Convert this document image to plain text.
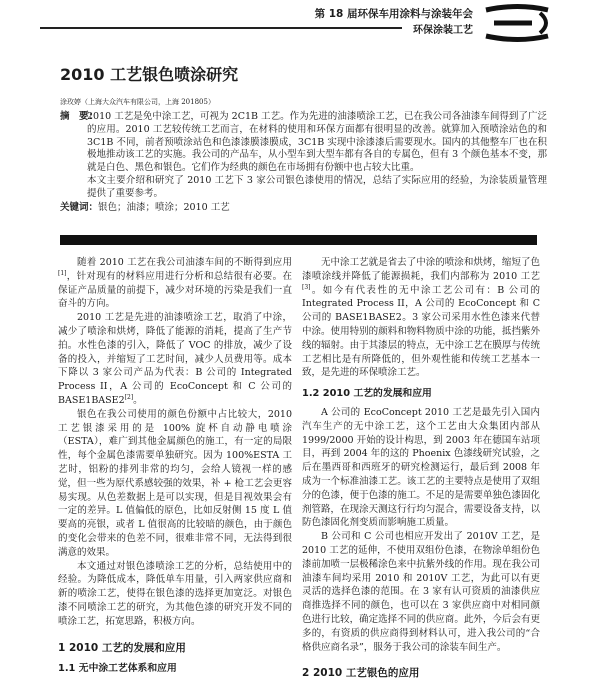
第 18 届环保车用涂料与涂装年会
环保涂装工艺
2010 工艺银色喷涂研究
涂玫婷（上海大众汽车有限公司，上海 201805）
摘　要：

2010 工艺是免中涂工艺，可视为 2C1B 工艺。作为先进的油漆喷涂工艺，已在我公司各油漆车间得到了广泛的应用。2010 工艺较传统工艺而言，在材料的使用和环保方面都有很明显的改善。就算加入预喷涂站色的和 3C1B 不同，前者预喷涂站色和色漆漆膜漆膜成，3C1B 实现中涂漆漆后需要现水。国内的其他整车厂也在积极地推动该工艺的实施。我公司的产品车，从小型车到大型车都有各自的专属色，但有 3 个颜色基本不变，那就是白色、黑色和银色。它们作为经典的颜色在市场拥有份额中也占较大比重。

本文主要介绍和研究了 2010 工艺下 3 家公司银色漆使用的情况，总结了实际应用的经验，为涂装质量管理提供了重要参考。

关键词： 银色；油漆；喷涂；2010 工艺

随着 2010 工艺在我公司油漆车间的不断得到应用[1]，针对现有的材料应用进行分析和总结很有必要。在保证产品质量的前提下，减少对环境的污染是我们一直奋斗的方向。

2010 工艺是先进的油漆喷涂工艺，取消了中涂，减少了喷涂和烘烤，降低了能源的消耗，提高了生产节拍。水性色漆的引入，降低了 VOC 的排放，减少了设备的投入，并缩短了工艺时间，减少人员费用等。成本下降以 3 家公司产品为代表：B 公司的 Integrated Process II，A 公司的 EcoConcept 和 C 公司的 BASE1BASE2[2]。

银色在我公司使用的颜色份额中占比较大，2010 工艺银漆采用的是 100% 旋杯自动静电喷涂（ESTA），难广到其他金属颜色的施工，有一定的局限性，每个金属色漆需要单独研究。因为 100%ESTA 工艺时，铝粉的排列非常的均匀，会给人镜视一样的感觉，但一些为原代系感较强的效果，补 + 枪工艺会更容易实现。从色差数据上是可以实现，但是目视效果会有一定的差异。L 值偏低的原色，比如反射侧 15 度 L 值要高的亮银，或者 L 值很高的比较暗的颜色，由于颜色的变化会带来的色差不同，很难非常不同，无法得到很满意的效果。

本文通过对银色漆喷涂工艺的分析，总结使用中的经验。为降低成本，降低单车用量，引入两家供应商和新的喷涂工艺，使得在银色漆的选择更加宽泛。对银色漆不同喷涂工艺的研究，为其他色漆的研究开发不同的喷涂工艺，拓宽思路，积极方向。

1 2010 工艺的发展和应用
1.1 无中涂工艺体系和应用

无中涂工艺就是省去了中涂的喷涂和烘烤，缩短了色漆喷涂线并降低了能源损耗，我们内部称为 2010 工艺[3]。如今有代表性的无中涂工艺公司有：B 公司的 Integrated Process II，A 公司的 EcoConcept 和 C 公司的 BASE1BASE2。3 家公司采用水性色漆来代替中涂。使用特别的颜料和物料物质中涂的功能，抵挡紫外线的辐射。由于其漆层的特点，无中涂工艺在膜厚与传统工艺相比是有所降低的，但外观性能和传统工艺基本一致，是先进的环保喷涂工艺。

1.2 2010 工艺的发展和应用

A 公司的 EcoConcept 2010 工艺是最先引入国内汽车生产的无中涂工艺，这个工艺由大众集团内部从 1999/2000 开始的设计构思，到 2003 年在德国车站项目，再到 2004 年的这的 Phoenix 色漆线研究试验，之后在墨西哥和西班牙的研究检测运行，最后到 2008 年成为一个标准油漆工艺。该工艺的主要特点是使用了双组分的色漆，便于色漆的施工。不足的是需要单独色漆固化剂管路，在现涂天测这行行均匀混合，需要设备支持，以防色漆固化剂变质而影响施工质量。

B 公司和 C 公司也相应开发出了 2010V 工艺，是 2010 工艺的延伸，不使用双组份色漆，在物涂单组份色漆前加喷一层极稀涂色来中抗紫外线的作用。现在我公司油漆车间均采用 2010 和 2010V 工艺，为此可以有更灵活的选择色漆的范围。在 3 家有认可资质的油漆供应商推选择不同的颜色，也可以在 3 家供应商中对相同颜色进行比较，确定选择不同的供应商。此外，今后会有更多的，有资质的供应商得到材料认可，进入我公司的“合格供应商名录”，服务于我公司的涂装车间生产。

2 2010 工艺银色的应用
